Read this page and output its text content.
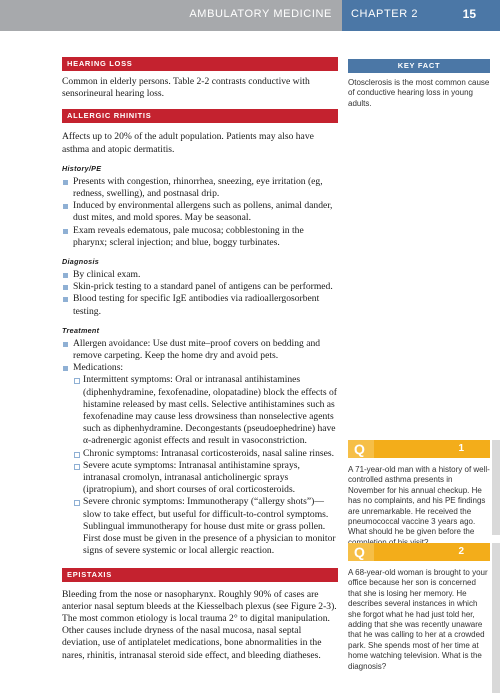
AMBULATORY MEDICINE CHAPTER 2	15
HEARING LOSS

Common in elderly persons. Table 2-2 contrasts conductive with sensorineural hearing loss.

ALLERGIC RHINITIS

Affects up to 20% of the adult population. Patients may also have asthma and atopic dermatitis.

History/PE

Presents with congestion, rhinorrhea, sneezing, eye irritation (eg, redness, swelling), and postnasal drip.
Induced by environmental allergens such as pollens, animal dander, dust mites, and mold spores. May be seasonal.
Exam reveals edematous, pale mucosa; cobblestoning in the pharynx; scleral injection; and blue, boggy turbinates.

Diagnosis

By clinical exam.
Skin-prick testing to a standard panel of antigens can be performed.
Blood testing for specific IgE antibodies via radioallergosorbent testing.

Treatment

Allergen avoidance: Use dust mite–proof covers on bedding and remove carpeting. Keep the home dry and avoid pets.
Medications:
Intermittent symptoms: Oral or intranasal antihistamines (diphenhydramine, fexofenadine, olopatadine) block the effects of histamine released by mast cells. Selective antihistamines such as fexofenadine may cause less drowsiness than nonselective agents such as diphenhydramine. Decongestants (pseudoephedrine) have α-adrenergic agonist effects and result in vasoconstriction.
Chronic symptoms: Intranasal corticosteroids, nasal saline rinses.
Severe acute symptoms: Intranasal antihistamine sprays, intranasal cromolyn, intranasal anticholinergic sprays (ipratropium), and short courses of oral corticosteroids.
Severe chronic symptoms: Immunotherapy (“allergy shots”)—slow to take effect, but useful for difficult-to-control symptoms. Sublingual immunotherapy for house dust mite or grass pollen. First dose must be given in the presence of a physician to monitor signs of severe systemic or local allergic reaction.
EPISTAXIS

Bleeding from the nose or nasopharynx. Roughly 90% of cases are anterior nasal septum bleeds at the Kiesselbach plexus (see Figure 2-3). The most common etiology is local trauma 2° to digital manipulation. Other causes include dryness of the nasal mucosa, nasal septal deviation, use of antiplatelet medications, bone abnormalities in the nares, rhinitis, intranasal steroid side effect, and bleeding diatheses.

KEY FACT
Otosclerosis is the most common cause of conductive hearing loss in young adults.
Q	1
A 71-year-old man with a history of well-controlled asthma presents in November for his annual checkup. He has no complaints, and his PE findings are unremarkable. He received the pneumococcal vaccine 3 years ago. What should he be given before the
Q	2
A 68-year-old woman is brought to your office because her son is concerned that she is losing her memory. He describes several instances in which she forgot what he had just told her, adding that she was recently unaware that he was calling to her at a crowded park. She spends most of her time at home watching television. What is the diagnosis?
